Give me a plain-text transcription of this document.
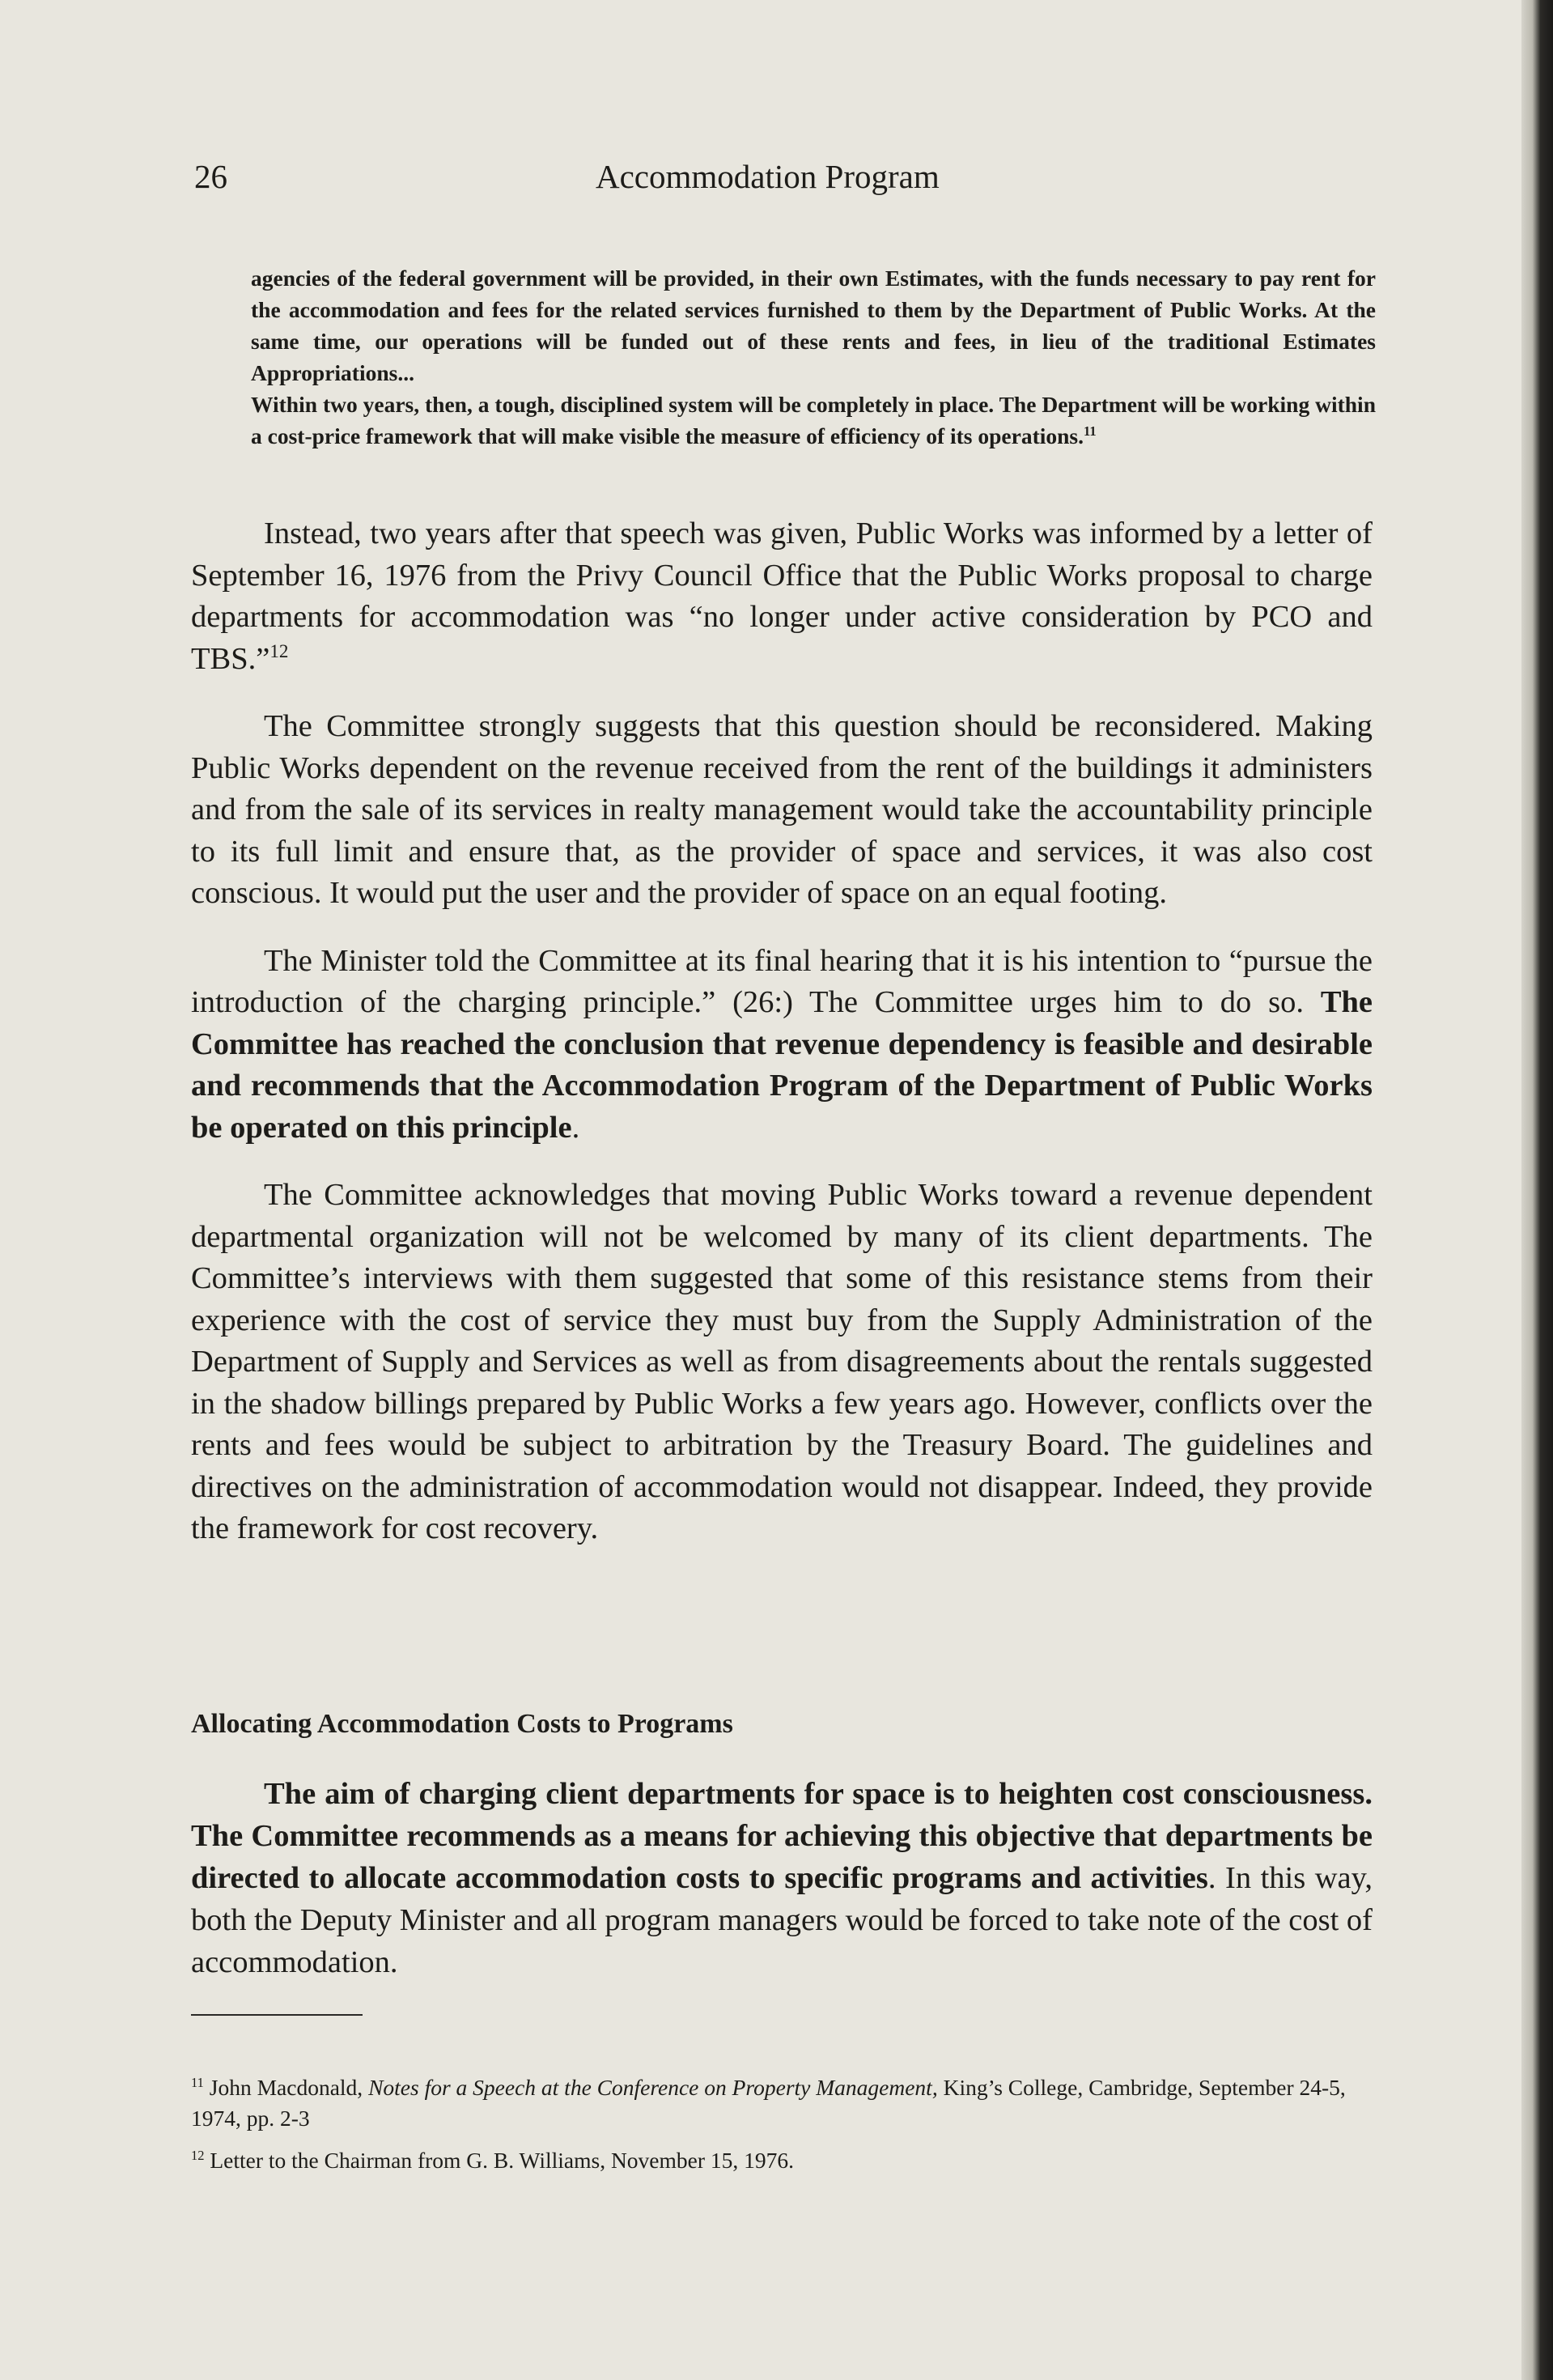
26	Accommodation Program

agencies of the federal government will be provided, in their own Estimates, with the funds necessary to pay rent for the accommodation and fees for the related services furnished to them by the Department of Public Works. At the same time, our operations will be funded out of these rents and fees, in lieu of the traditional Estimates Appropriations...

Within two years, then, a tough, disciplined system will be completely in place. The Department will be working within a cost-price framework that will make visible the measure of efficiency of its operations.$^{11}$

Instead, two years after that speech was given, Public Works was informed by a letter of September 16, 1976 from the Privy Council Office that the Public Works proposal to charge departments for accommodation was “no longer under active consideration by PCO and TBS.”$^{12}$

The Committee strongly suggests that this question should be reconsidered. Making Public Works dependent on the revenue received from the rent of the buildings it administers and from the sale of its services in realty management would take the accountability principle to its full limit and ensure that, as the provider of space and services, it was also cost conscious. It would put the user and the provider of space on an equal footing.

The Minister told the Committee at its final hearing that it is his intention to “pursue the introduction of the charging principle.” (26:) The Committee urges him to do so. The Committee has reached the conclusion that revenue dependency is feasible and desirable and recommends that the Accommodation Program of the Department of Public Works be operated on this principle.

The Committee acknowledges that moving Public Works toward a revenue dependent departmental organization will not be welcomed by many of its client departments. The Committee’s interviews with them suggested that some of this resistance stems from their experience with the cost of service they must buy from the Supply Administration of the Department of Supply and Services as well as from disagreements about the rentals suggested in the shadow billings prepared by Public Works a few years ago. However, conflicts over the rents and fees would be subject to arbitration by the Treasury Board. The guidelines and directives on the administration of accommodation would not disappear. Indeed, they provide the framework for cost recovery.

Allocating Accommodation Costs to Programs

The aim of charging client departments for space is to heighten cost consciousness. The Committee recommends as a means for achieving this objective that departments be directed to allocate accommodation costs to specific programs and activities. In this way, both the Deputy Minister and all program managers would be forced to take note of the cost of accommodation.

$^{11}$ John Macdonald, Notes for a Speech at the Conference on Property Management, King’s College, Cambridge, September 24-5, 1974, pp. 2-3

$^{12}$ Letter to the Chairman from G. B. Williams, November 15, 1976.
